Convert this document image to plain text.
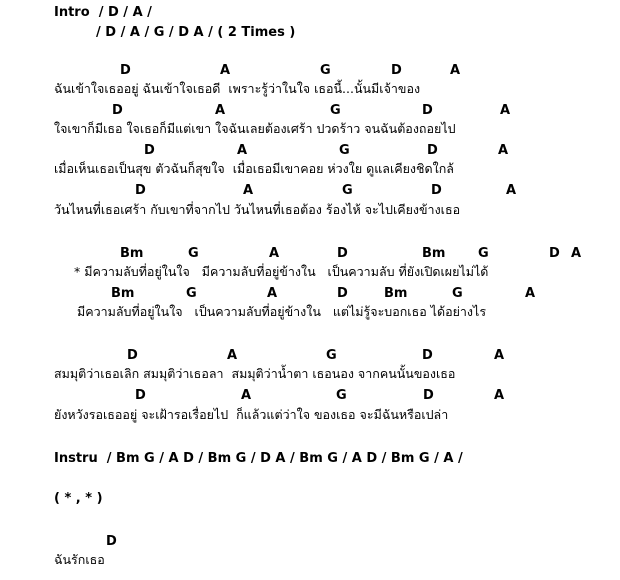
Intro  / D / A /
/ D / A / G / D A / ( 2 Times )
D	A	G	D	A
ฉันเข้าใจเธออยู่ ฉันเข้าใจเธอดี  เพราะรู้ว่าในใจ เธอนี้...นั้นมีเจ้าของ
D	A	G	D	A
ใจเขาก็มีเธอ ใจเธอก็มีแต่เขา ใจฉันเลยต้องเศร้า ปวดร้าว จนฉันต้องถอยไป
D	A	G	D	A
เมื่อเห็นเธอเป็นสุข ตัวฉันก็สุขใจ  เมื่อเธอมีเขาคอย ห่วงใย ดูแลเคียงชิดใกล้
D	A	G	D	A
วันไหนที่เธอเศร้า กับเขาที่จากไป วันไหนที่เธอต้อง ร้องไห้ จะไปเคียงข้างเธอ
Bm	G	A	D	Bm	G	D A
* มีความลับที่อยู่ในใจ   มีความลับที่อยู่ข้างใน   เป็นความลับ ที่ยังเปิดเผยไม่ได้
Bm	G	A	D	Bm	G	A
มีความลับที่อยู่ในใจ   เป็นความลับที่อยู่ข้างใน   แต่ไม่รู้จะบอกเธอ ได้อย่างไร
D	A	G	D	A
สมมุติว่าเธอเลิก สมมุติว่าเธอลา  สมมุติว่าน้ำตา เธอนอง จากคนนั้นของเธอ
D	A	G	D	A
ยังหวังรอเธออยู่ จะเฝ้ารอเรื่อยไป  ก็แล้วแต่ว่าใจ ของเธอ จะมีฉันหรือเปล่า
Instru  / Bm G / A D / Bm G / D A / Bm G / A D / Bm G / A /
( * , * )
D
ฉันรักเธอ
